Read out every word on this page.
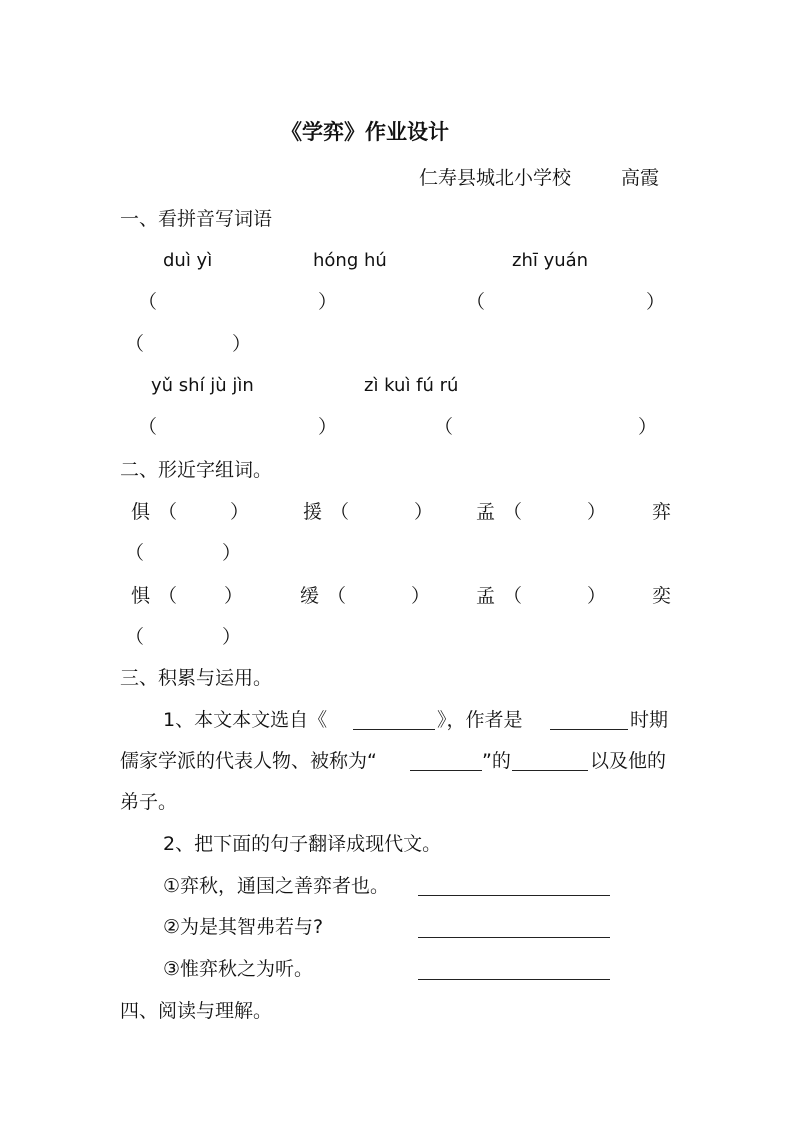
《学弈》作业设计
仁寿县城北小学校	高霞
一、看拼音写词语
duì yì	hóng hú	zhī yuán
（	）	（	）
（	）
yǔ shí jù jìn	zì kuì fú rú
（	）	（	）
二、形近字组词。
俱 （	）	援 （	） 孟 （	） 弈
（	）
惧 （ ）	缓 （	） 孟 （	） 奕
（	）
三、积累与运用。
1、本文本文选自《	》，作者是	时期
儒家学派的代表人物、被称为“	”的	以及他的
弟子。
2、把下面的句子翻译成现代文。
①弈秋，通国之善弈者也。
②为是其智弗若与?
③惟弈秋之为听。
四、阅读与理解。
